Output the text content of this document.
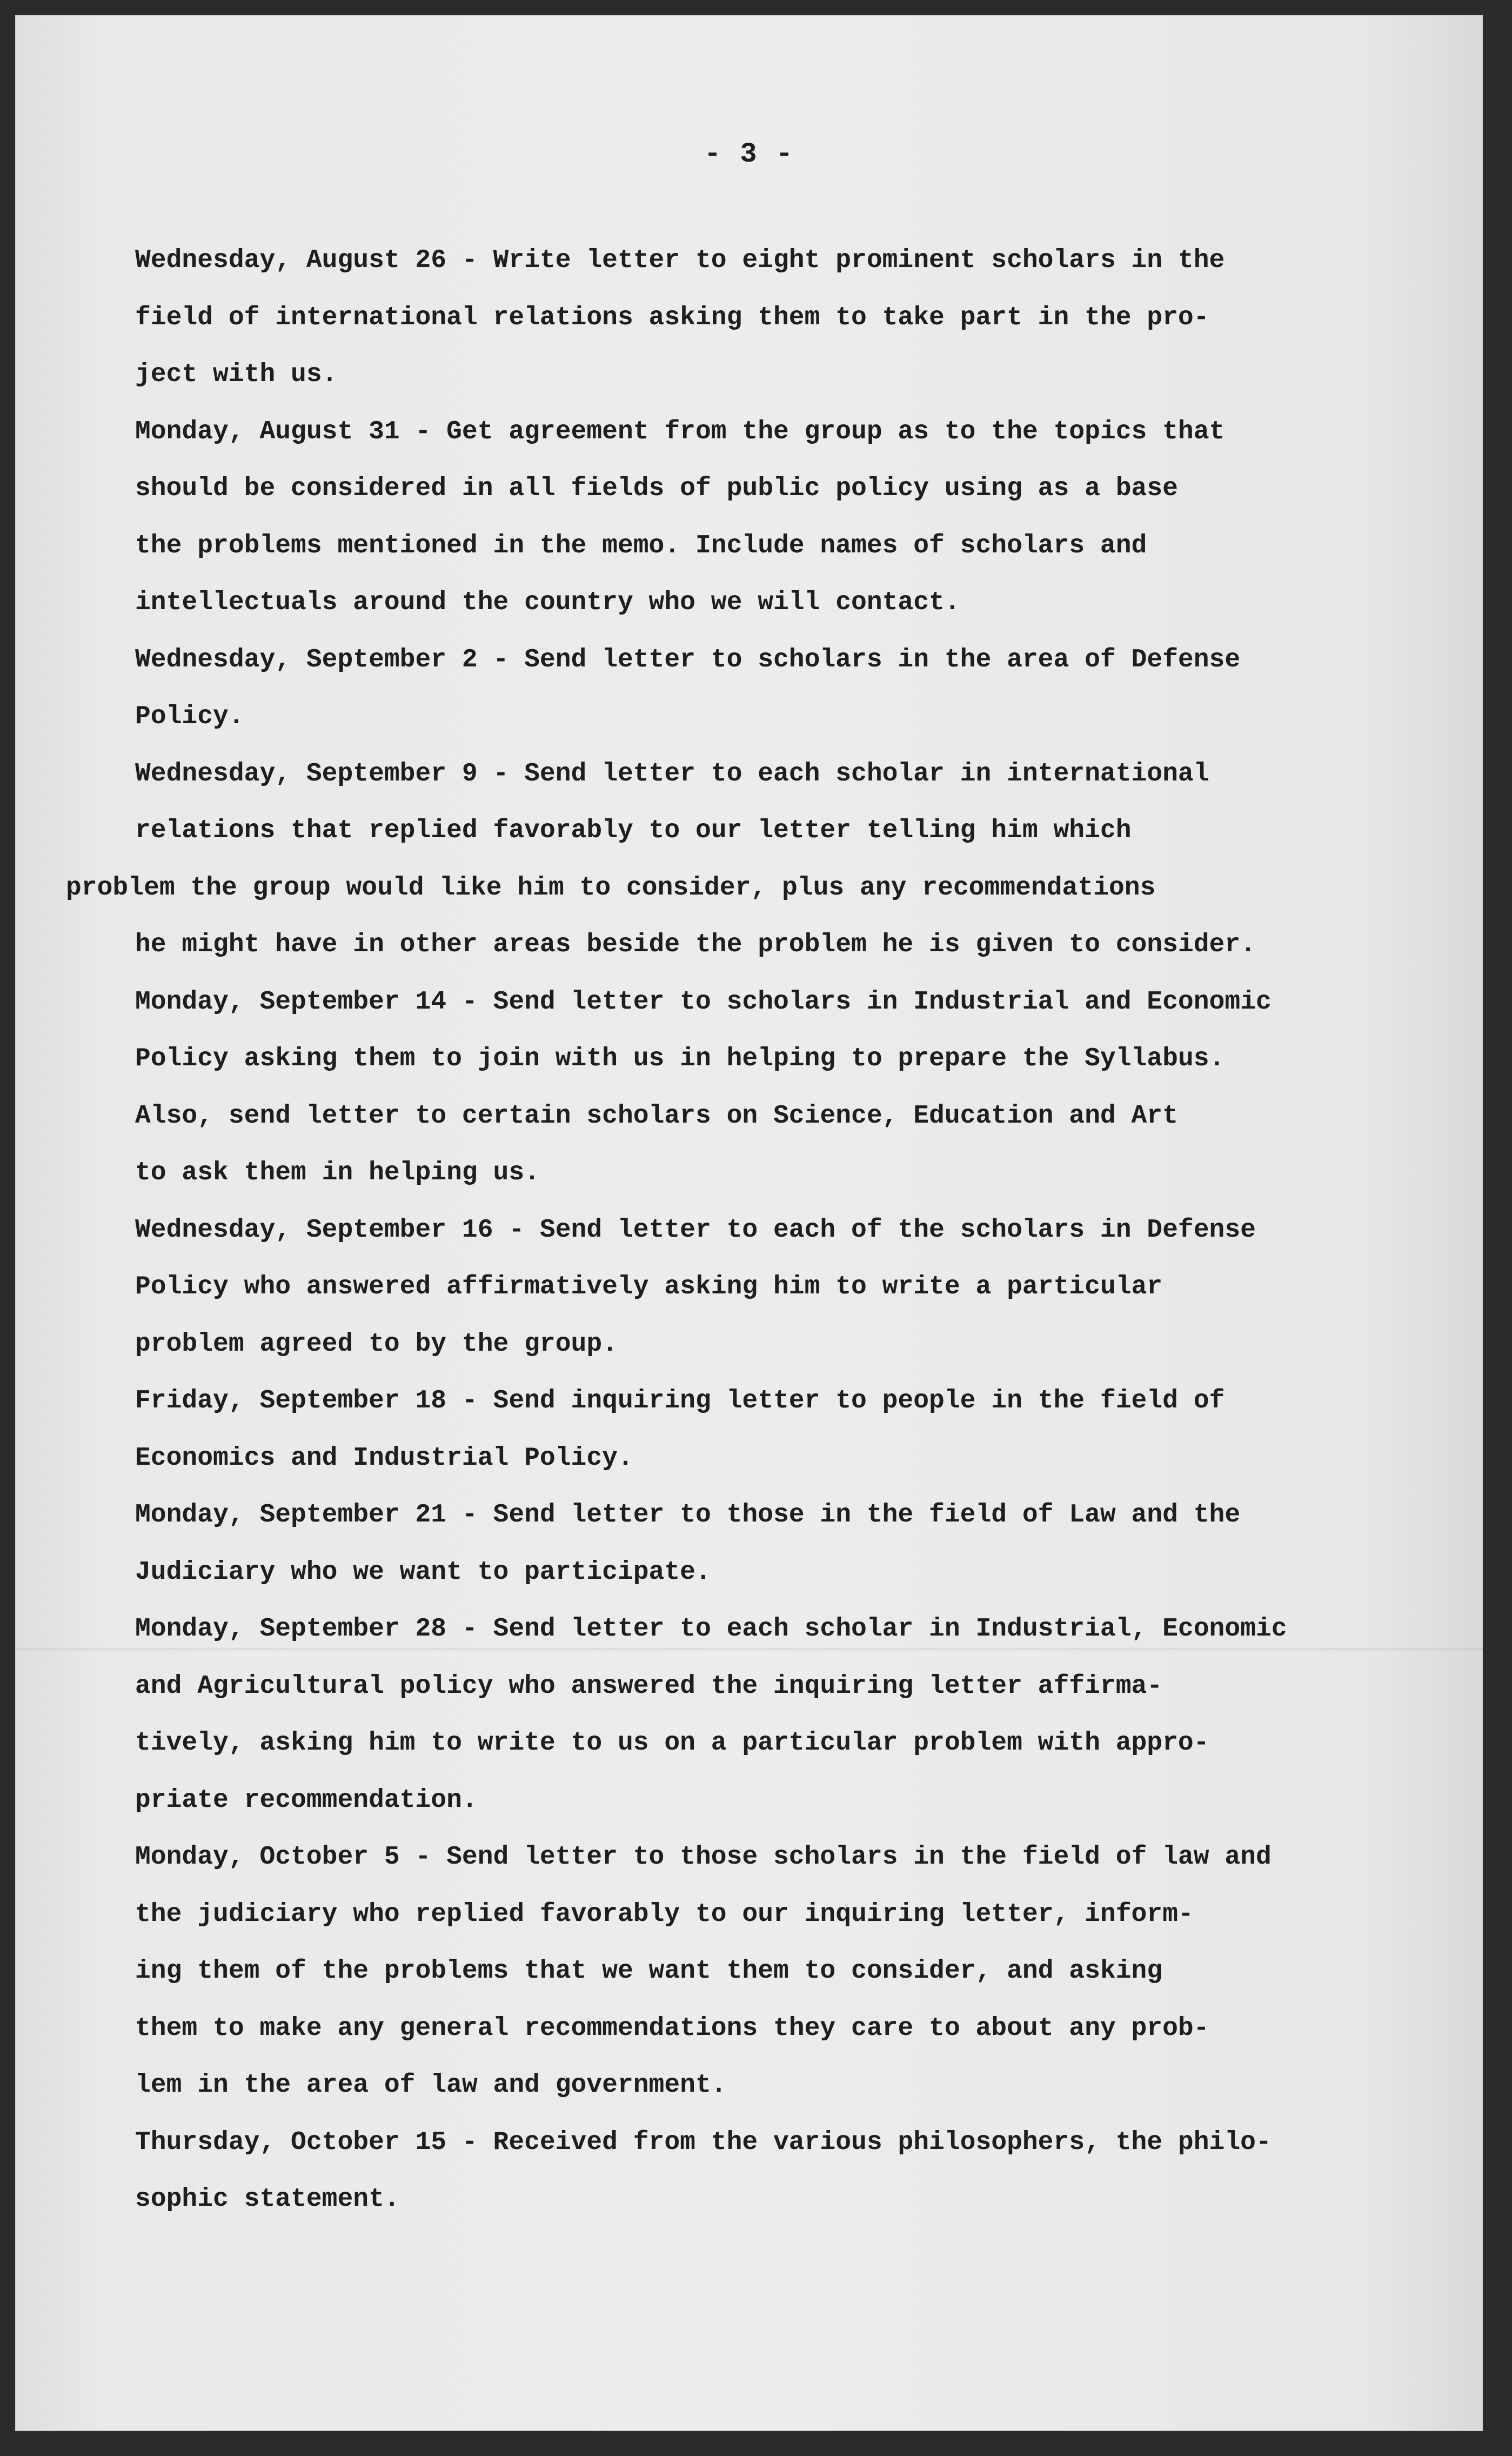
- 3 -

Wednesday, August 26 - Write letter to eight prominent scholars in the
field of international relations asking them to take part in the pro-
ject with us.

Monday, August 31 - Get agreement from the group as to the topics that
should be considered in all fields of public policy using as a base
the problems mentioned in the memo. Include names of scholars and
intellectuals around the country who we will contact.

Wednesday, September 2 - Send letter to scholars in the area of Defense
Policy.

Wednesday, September 9 - Send letter to each scholar in international
relations that replied favorably to our letter telling him which
problem the group would like him to consider, plus any recommendations
he might have in other areas beside the problem he is given to consider.

Monday, September 14 - Send letter to scholars in Industrial and Economic
Policy asking them to join with us in helping to prepare the Syllabus.
Also, send letter to certain scholars on Science, Education and Art
to ask them in helping us.

Wednesday, September 16 - Send letter to each of the scholars in Defense
Policy who answered affirmatively asking him to write a particular
problem agreed to by the group.

Friday, September 18 - Send inquiring letter to people in the field of
Economics and Industrial Policy.

Monday, September 21 - Send letter to those in the field of Law and the
Judiciary who we want to participate.

Monday, September 28 - Send letter to each scholar in Industrial, Economic
and Agricultural policy who answered the inquiring letter affirma-
tively, asking him to write to us on a particular problem with appro-
priate recommendation.

Monday, October 5 - Send letter to those scholars in the field of law and
the judiciary who replied favorably to our inquiring letter, inform-
ing them of the problems that we want them to consider, and asking
them to make any general recommendations they care to about any prob-
lem in the area of law and government.

Thursday, October 15 - Received from the various philosophers, the philo-
sophic statement.
